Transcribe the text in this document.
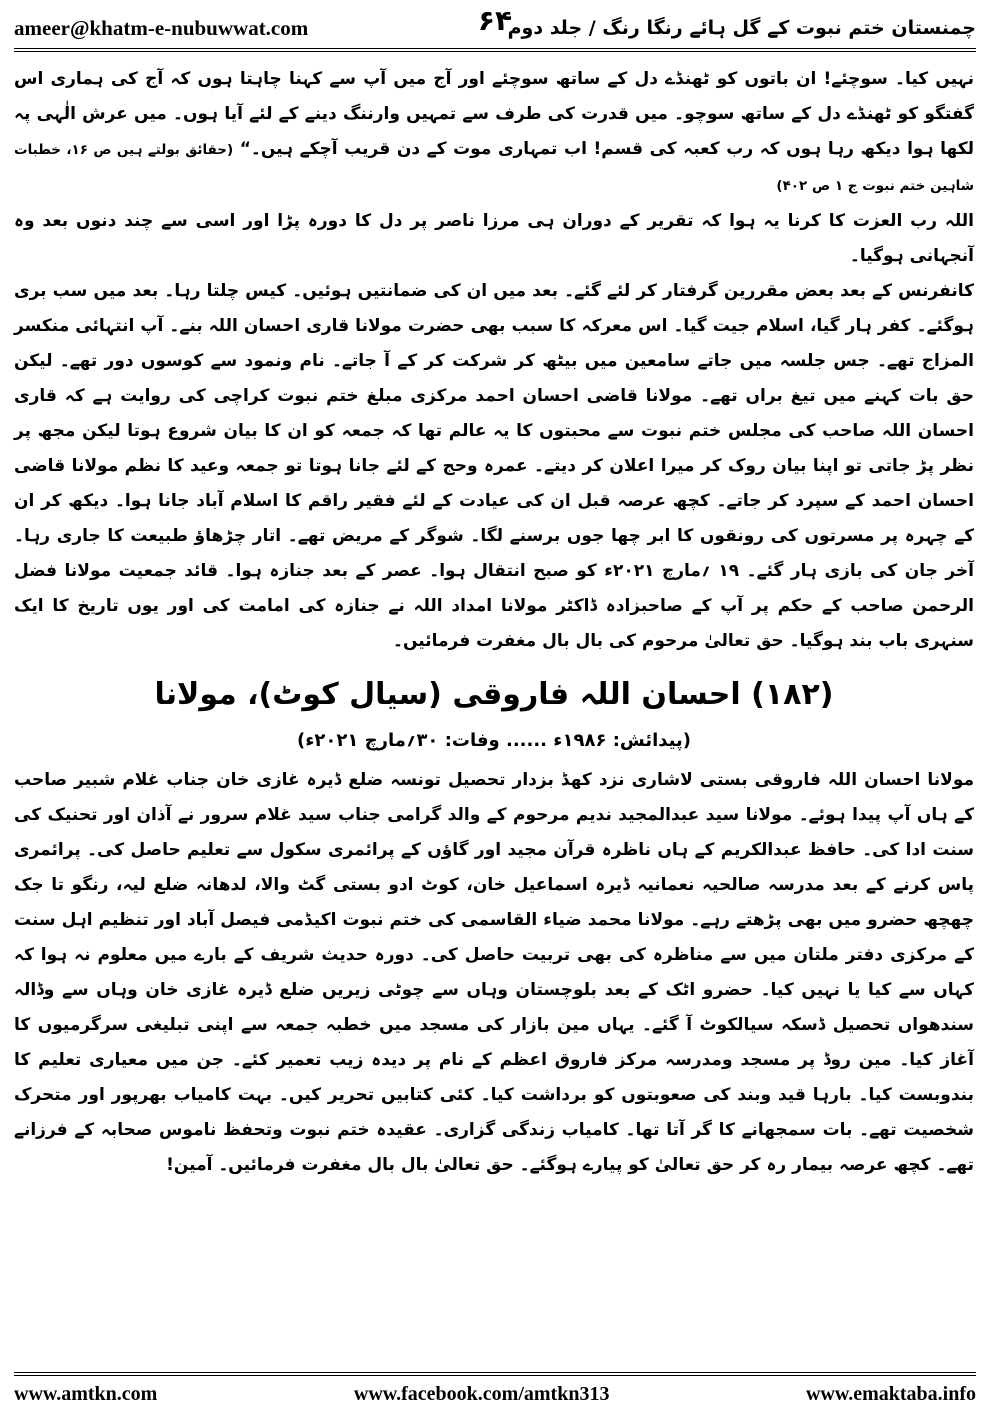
ameer@khatm-e-nubuwwat.com	۶۴
چمنستان ختم نبوت کے گل ہائے رنگا رنگ / جلد دوم

نہیں کیا۔ سوچئے! ان باتوں کو ٹھنڈے دل کے ساتھ سوچئے اور آج میں آپ سے کہنا چاہتا ہوں کہ آج کی ہماری اس گفتگو کو ٹھنڈے دل کے ساتھ سوچو۔ میں قدرت کی طرف سے تمہیں وارننگ دینے کے لئے آیا ہوں۔ میں عرش الٰہی پہ لکھا ہوا دیکھ رہا ہوں کہ رب کعبہ کی قسم! اب تمہاری موت کے دن قریب آچکے ہیں۔“ (حقائق بولتے ہیں ص ۱۶، خطبات شاہین ختم نبوت ج ۱ ص ۴۰۲)

اللہ رب العزت کا کرنا یہ ہوا کہ تقریر کے دوران ہی مرزا ناصر پر دل کا دورہ پڑا اور اسی سے چند دنوں بعد وہ آنجہانی ہوگیا۔

کانفرنس کے بعد بعض مقررین گرفتار کر لئے گئے۔ بعد میں ان کی ضمانتیں ہوئیں۔ کیس چلتا رہا۔ بعد میں سب بری ہوگئے۔ کفر ہار گیا، اسلام جیت گیا۔ اس معرکہ کا سبب بھی حضرت مولانا قاری احسان اللہ بنے۔ آپ انتہائی منکسر المزاج تھے۔ جس جلسہ میں جاتے سامعین میں بیٹھ کر شرکت کر کے آ جاتے۔ نام ونمود سے کوسوں دور تھے۔ لیکن حق بات کہنے میں تیغ براں تھے۔ مولانا قاضی احسان احمد مرکزی مبلغ ختم نبوت کراچی کی روایت ہے کہ قاری احسان اللہ صاحب کی مجلس ختم نبوت سے محبتوں کا یہ عالم تھا کہ جمعہ کو ان کا بیان شروع ہوتا لیکن مجھ پر نظر پڑ جاتی تو اپنا بیان روک کر میرا اعلان کر دیتے۔ عمرہ وحج کے لئے جانا ہوتا تو جمعہ وعید کا نظم مولانا قاضی احسان احمد کے سپرد کر جاتے۔ کچھ عرصہ قبل ان کی عیادت کے لئے فقیر راقم کا اسلام آباد جانا ہوا۔ دیکھ کر ان کے چہرہ پر مسرتوں کی رونقوں کا ابر چھا جوں برسنے لگا۔ شوگر کے مریض تھے۔ اتار چڑھاؤ طبیعت کا جاری رہا۔ آخر جان کی بازی ہار گئے۔ ۱۹ ؍مارچ ۲۰۲۱ء کو صبح انتقال ہوا۔ عصر کے بعد جنازہ ہوا۔ قائد جمعیت مولانا فضل الرحمن صاحب کے حکم پر آپ کے صاحبزادہ ڈاکٹر مولانا امداد اللہ نے جنازہ کی امامت کی اور یوں تاریخ کا ایک سنہری باب بند ہوگیا۔ حق تعالیٰ مرحوم کی بال بال مغفرت فرمائیں۔

(۱۸۲) احسان اللہ فاروقی (سیال کوٹ)، مولانا
(پیدائش: ۱۹۸۶ء ...... وفات: ۳۰؍مارچ ۲۰۲۱ء)

مولانا احسان اللہ فاروقی بستی لاشاری نزد کھڈ بزدار تحصیل تونسہ ضلع ڈیرہ غازی خان جناب غلام شبیر صاحب کے ہاں آپ پیدا ہوئے۔ مولانا سید عبدالمجید ندیم مرحوم کے والد گرامی جناب سید غلام سرور نے آذان اور تحنیک کی سنت ادا کی۔ حافظ عبدالکریم کے ہاں ناظرہ قرآن مجید اور گاؤں کے پرائمری سکول سے تعلیم حاصل کی۔ پرائمری پاس کرنے کے بعد مدرسہ صالحیہ نعمانیہ ڈیرہ اسماعیل خان، کوٹ ادو بستی گٹ والا، لدھانہ ضلع لیہ، رنگو تا جک چھچھ حضرو میں بھی پڑھتے رہے۔ مولانا محمد ضیاء القاسمی کی ختم نبوت اکیڈمی فیصل آباد اور تنظیم اہل سنت کے مرکزی دفتر ملتان میں سے مناظرہ کی بھی تربیت حاصل کی۔ دورہ حدیث شریف کے بارے میں معلوم نہ ہوا کہ کہاں سے کیا یا نہیں کیا۔ حضرو اٹک کے بعد بلوچستان وہاں سے چوٹی زیریں ضلع ڈیرہ غازی خان وہاں سے وڈالہ سندھواں تحصیل ڈسکہ سیالکوٹ آ گئے۔ یہاں مین بازار کی مسجد میں خطبہ جمعہ سے اپنی تبلیغی سرگرمیوں کا آغاز کیا۔ مین روڈ پر مسجد ومدرسہ مرکز فاروق اعظم کے نام پر دیدہ زیب تعمیر کئے۔ جن میں معیاری تعلیم کا بندوبست کیا۔ بارہا قید وبند کی صعوبتوں کو برداشت کیا۔ کئی کتابیں تحریر کیں۔ بہت کامیاب بھرپور اور متحرک شخصیت تھے۔ بات سمجھانے کا گر آتا تھا۔ کامیاب زندگی گزاری۔ عقیدہ ختم نبوت وتحفظ ناموس صحابہ کے فرزانے تھے۔ کچھ عرصہ بیمار رہ کر حق تعالیٰ کو پیارے ہوگئے۔ حق تعالیٰ بال بال مغفرت فرمائیں۔ آمین!

www.amtkn.com	www.facebook.com/amtkn313	www.emaktaba.info
